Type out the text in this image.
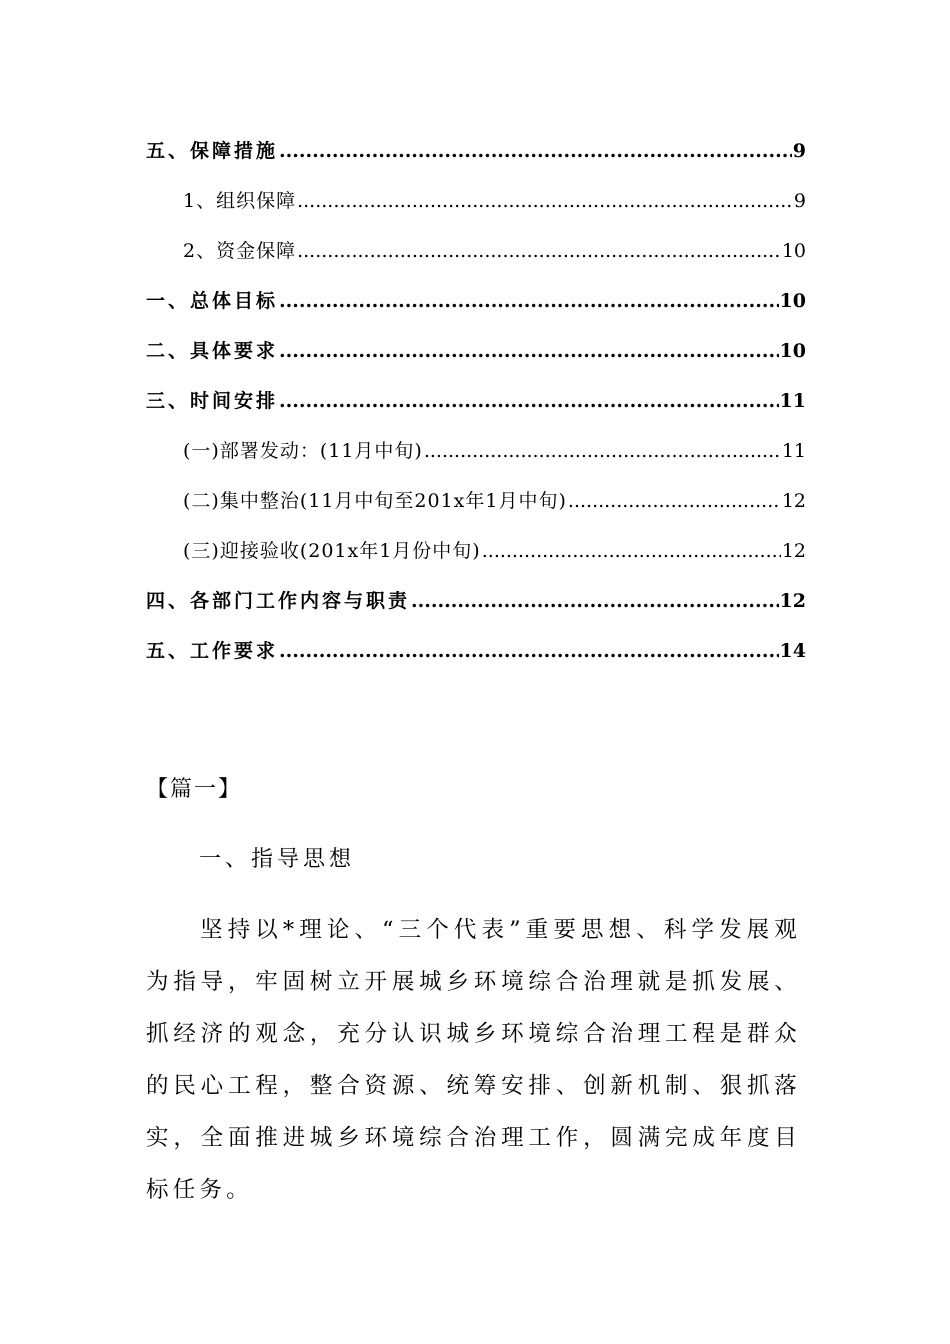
五、保障措施 .....	9
1、组织保障 .....	9
2、资金保障 .....	10
一、总体目标 .....	10
二、具体要求 .....	10
三、时间安排 .....	11
(一)部署发动：(11月中旬) .....	11
(二)集中整治(11月中旬至201x年1月中旬) .....	12
(三)迎接验收(201x年1月份中旬) .....	12
四、各部门工作内容与职责 .....	12
五、工作要求 .....	14
【篇一】
一、指导思想

坚持以*理论、“三个代表”重要思想、科学发展观为指导，牢固树立开展城乡环境综合治理就是抓发展、抓经济的观念，充分认识城乡环境综合治理工程是群众的民心工程，整合资源、统筹安排、创新机制、狠抓落实，全面推进城乡环境综合治理工作，圆满完成年度目标任务。
